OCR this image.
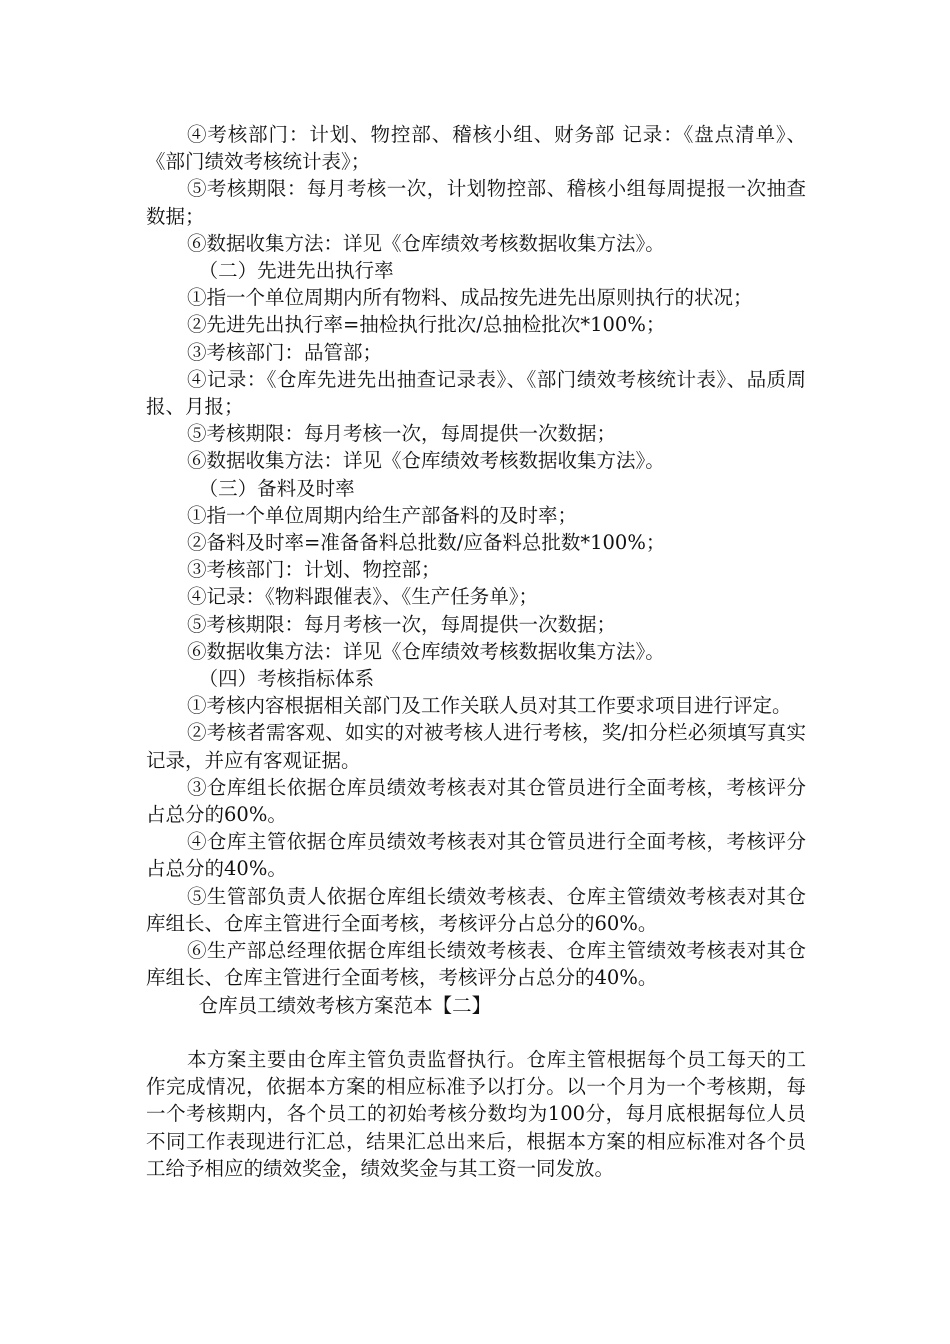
④考核部门：计划、物控部、稽核小组、财务部 记录：《盘点清单》、《部门绩效考核统计表》；

⑤考核期限：每月考核一次，计划物控部、稽核小组每周提报一次抽查数据；

⑥数据收集方法：详见《仓库绩效考核数据收集方法》。

（二）先进先出执行率

①指一个单位周期内所有物料、成品按先进先出原则执行的状况；

②先进先出执行率=抽检执行批次/总抽检批次*100%；

③考核部门：品管部；

④记录：《仓库先进先出抽查记录表》、《部门绩效考核统计表》、品质周报、月报；

⑤考核期限：每月考核一次，每周提供一次数据；

⑥数据收集方法：详见《仓库绩效考核数据收集方法》。

（三）备料及时率

①指一个单位周期内给生产部备料的及时率；

②备料及时率=准备备料总批数/应备料总批数*100%；

③考核部门：计划、物控部；

④记录：《物料跟催表》、《生产任务单》；

⑤考核期限：每月考核一次，每周提供一次数据；

⑥数据收集方法：详见《仓库绩效考核数据收集方法》。

（四）考核指标体系

①考核内容根据相关部门及工作关联人员对其工作要求项目进行评定。

②考核者需客观、如实的对被考核人进行考核，奖/扣分栏必须填写真实记录，并应有客观证据。

③仓库组长依据仓库员绩效考核表对其仓管员进行全面考核，考核评分占总分的60%。

④仓库主管依据仓库员绩效考核表对其仓管员进行全面考核，考核评分占总分的40%。

⑤生管部负责人依据仓库组长绩效考核表、仓库主管绩效考核表对其仓库组长、仓库主管进行全面考核，考核评分占总分的60%。

⑥生产部总经理依据仓库组长绩效考核表、仓库主管绩效考核表对其仓库组长、仓库主管进行全面考核，考核评分占总分的40%。

仓库员工绩效考核方案范本【二】

本方案主要由仓库主管负责监督执行。仓库主管根据每个员工每天的工作完成情况，依据本方案的相应标准予以打分。以一个月为一个考核期，每一个考核期内，各个员工的初始考核分数均为100分，每月底根据每位人员不同工作表现进行汇总，结果汇总出来后，根据本方案的相应标准对各个员工给予相应的绩效奖金，绩效奖金与其工资一同发放。
